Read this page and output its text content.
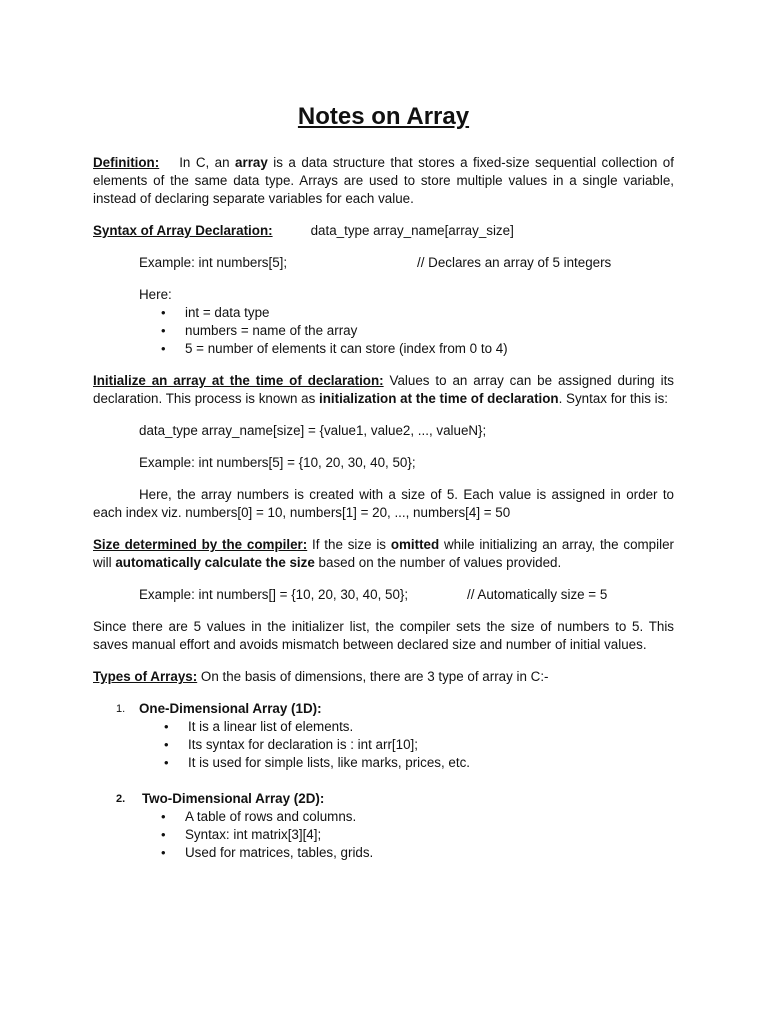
Notes on Array

Definition: In C, an array is a data structure that stores a fixed-size sequential collection of elements of the same data type. Arrays are used to store multiple values in a single variable, instead of declaring separate variables for each value.

Syntax of Array Declaration:	data_type array_name[array_size]

Example: int numbers[5];	// Declares an array of 5 integers

Here:

• int = data type
• numbers = name of the array
• 5 = number of elements it can store (index from 0 to 4)

Initialize an array at the time of declaration: Values to an array can be assigned during its declaration. This process is known as initialization at the time of declaration. Syntax for this is:

data_type array_name[size] = {value1, value2, ..., valueN};

Example: int numbers[5] = {10, 20, 30, 40, 50};

Here, the array numbers is created with a size of 5. Each value is assigned in order to each index viz. numbers[0] = 10, numbers[1] = 20, ..., numbers[4] = 50

Size determined by the compiler: If the size is omitted while initializing an array, the compiler will automatically calculate the size based on the number of values provided.

Example: int numbers[] = {10, 20, 30, 40, 50};	// Automatically size = 5

Since there are 5 values in the initializer list, the compiler sets the size of numbers to 5. This saves manual effort and avoids mismatch between declared size and number of initial values.

Types of Arrays: On the basis of dimensions, there are 3 type of array in C:-

1. One-Dimensional Array (1D):
• It is a linear list of elements.
• Its syntax for declaration is : int arr[10];
• It is used for simple lists, like marks, prices, etc.
2. Two-Dimensional Array (2D):
• A table of rows and columns.
• Syntax: int matrix[3][4];
• Used for matrices, tables, grids.
